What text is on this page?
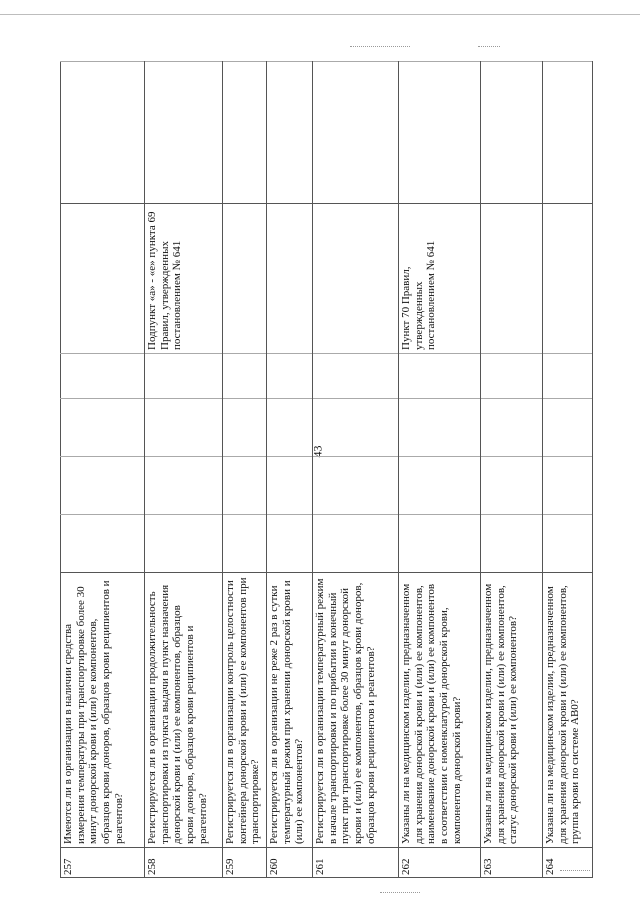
43
257	Имеются ли в организации в наличии средства измерения температуры при транспортировке более 30 минут донорской крови и (или) ее компонентов, образцов крови доноров, образцов крови реципиентов и реагентов?						
258	Регистрируется ли в организации продолжительность транспортировки из пункта выдачи в пункт назначения донорской крови и (или) ее компонентов, образцов крови доноров, образцов крови реципиентов и реагентов?					Подпункт «а» - «е» пункта 69 Правил, утвержденных постановлением № 641	
259	Регистрируется ли в организации контроль целостности контейнера донорской крови и (или) ее компонентов при транспортировке?						
260	Регистрируется ли в организации не реже 2 раз в сутки температурный режим при хранении донорской крови и (или) ее компонентов?						
261	Регистрируется ли в организации температурный режим в начале транспортировки и по прибытии в конечный пункт при транспортировке более 30 минут донорской крови и (или) ее компонентов, образцов крови доноров, образцов крови реципиентов и реагентов?						
262	Указаны ли на медицинском изделии, предназначенном для хранения донорской крови и (или) ее компонентов, наименование донорской крови и (или) ее компонентов в соответствии с номенклатурой донорской крови, компонентов донорской крови?					Пункт 70 Правил, утвержденных постановлением № 641	
263	Указаны ли на медицинском изделии, предназначенном для хранения донорской крови и (или) ее компонентов, статус донорской крови и (или) ее компонентов?						
264	Указана ли на медицинском изделии, предназначенном для хранения донорской крови и (или) ее компонентов, группа крови по системе АВ0?						
